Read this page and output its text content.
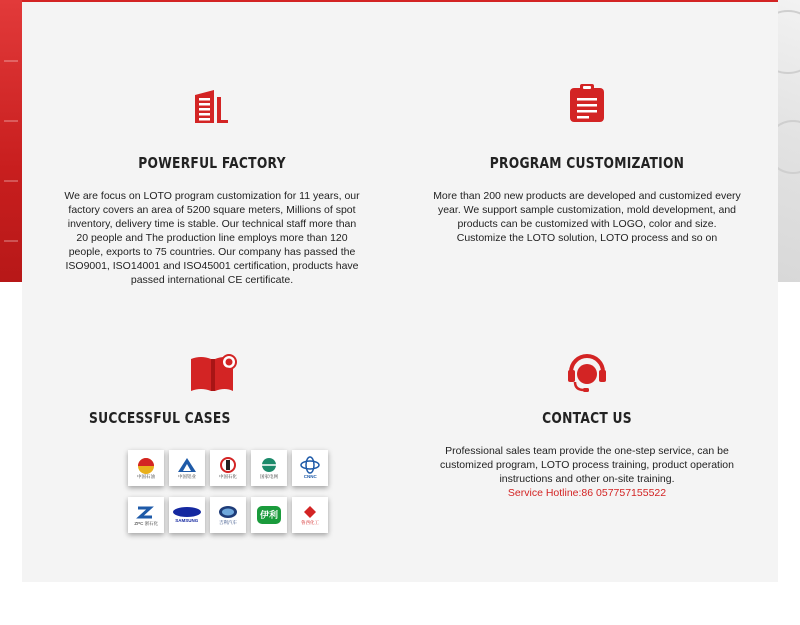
POWERFUL FACTORY

We are focus on LOTO program customization for 11 years, our factory covers an area of 5200 square meters, Millions of spot inventory, delivery time is stable. Our technical staff more than 20 people and The production line employs more than 120 people, exports to 75 countries. Our company has passed the ISO9001, ISO14001 and ISO45001 certification, products have passed international CE certificate.

PROGRAM CUSTOMIZATION

More than 200 new products are developed and customized every year. We support sample customization, mold development, and products can be customized with LOGO, color and size. Customize the LOTO solution, LOTO process and so on

SUCCESSFUL CASES
中国石油	中国铝业	中国石化	国家电网	CNNC
ZPC 浙石化
SAMSUNG	吉利汽车
伊利
鲁西化工
CONTACT US

Professional sales team provide the one-step service, can be customized program, LOTO process training, product operation instructions and other on-site training.
Service Hotline:86 057757155522
